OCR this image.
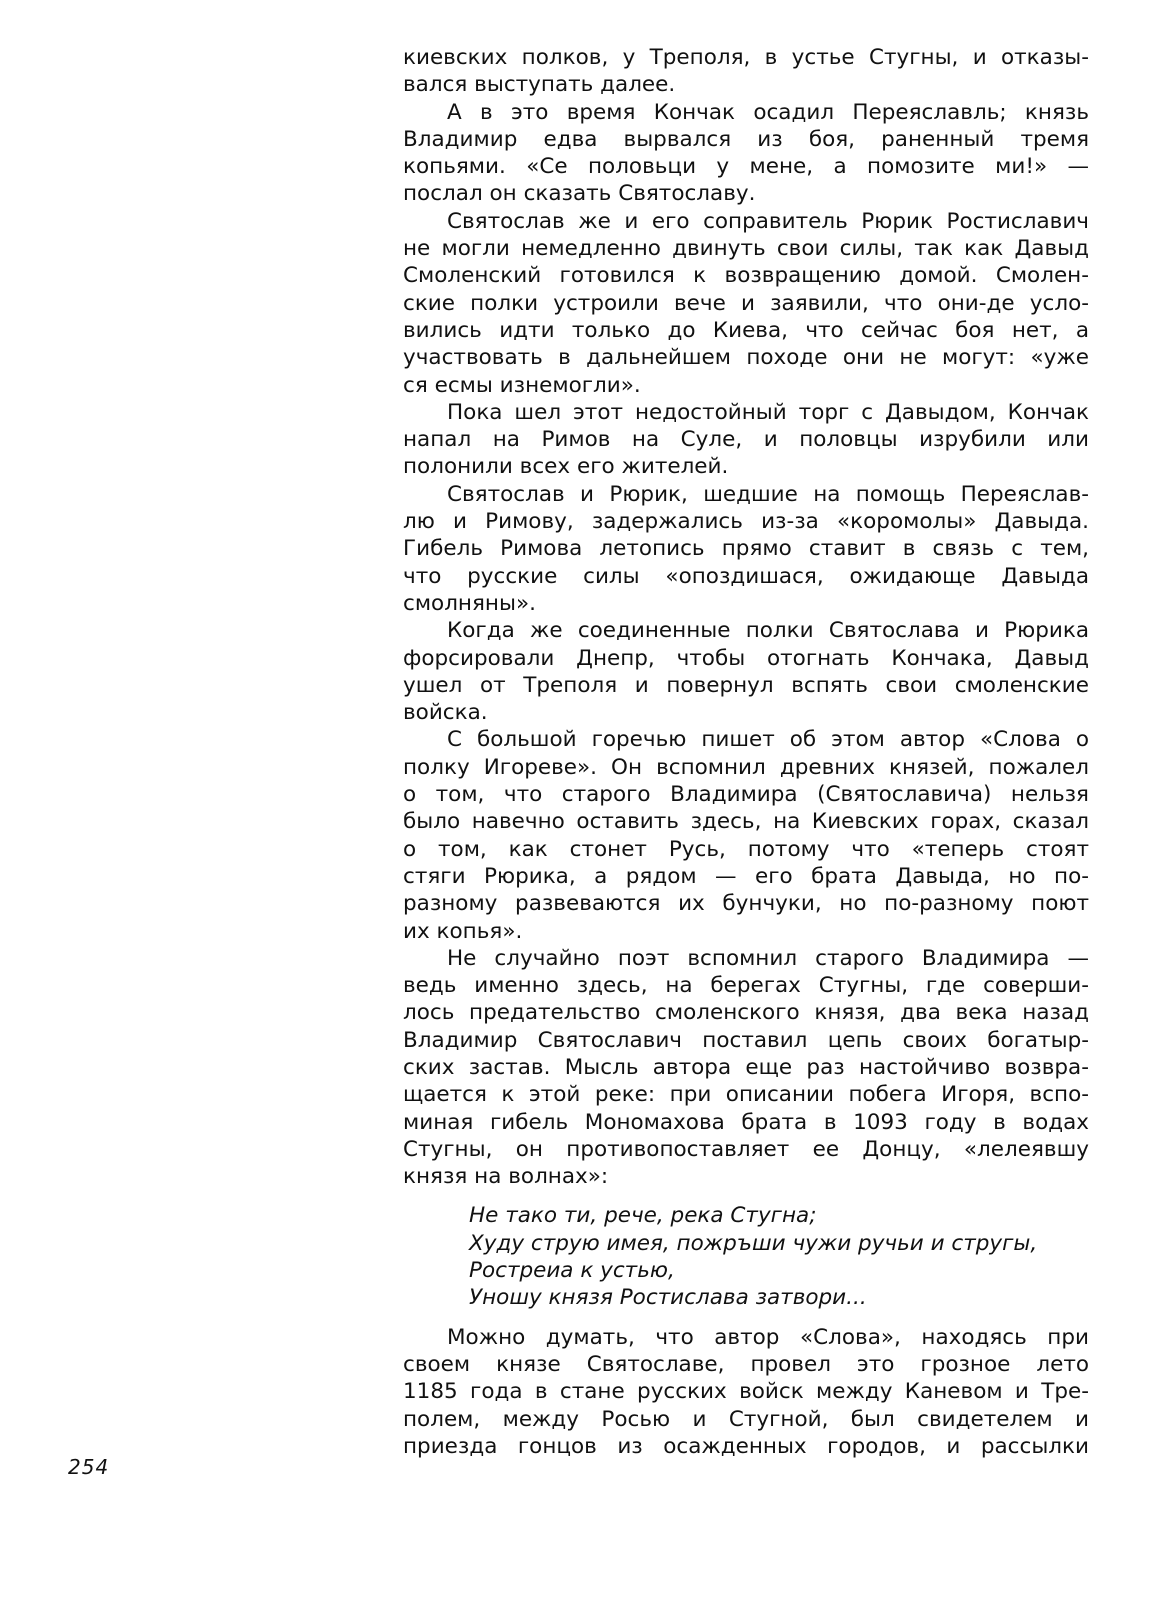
киевских полков, у Треполя, в устье Стугны, и отказы-
вался выступать далее.
А в это время Кончак осадил Переяславль; князь
Владимир едва вырвался из боя, раненный тремя
копьями. «Се половьци у мене, а помозите ми!» —
послал он сказать Святославу.
Святослав же и его соправитель Рюрик Ростиславич
не могли немедленно двинуть свои силы, так как Давыд
Смоленский готовился к возвращению домой. Смолен-
ские полки устроили вече и заявили, что они-де усло-
вились идти только до Киева, что сейчас боя нет, а
участвовать в дальнейшем походе они не могут: «уже
ся есмы изнемогли».
Пока шел этот недостойный торг с Давыдом, Кончак
напал на Римов на Суле, и половцы изрубили или
полонили всех его жителей.
Святослав и Рюрик, шедшие на помощь Переяслав-
лю и Римову, задержались из-за «коромолы» Давыда.
Гибель Римова летопись прямо ставит в связь с тем,
что русские силы «опоздишася, ожидающе Давыда
смолняны».
Когда же соединенные полки Святослава и Рюрика
форсировали Днепр, чтобы отогнать Кончака, Давыд
ушел от Треполя и повернул вспять свои смоленские
войска.
С большой горечью пишет об этом автор «Слова о
полку Игореве». Он вспомнил древних князей, пожалел
о том, что старого Владимира (Святославича) нельзя
было навечно оставить здесь, на Киевских горах, сказал
о том, как стонет Русь, потому что «теперь стоят
стяги Рюрика, а рядом — его брата Давыда, но по-
разному развеваются их бунчуки, но по-разному поют
их копья».
Не случайно поэт вспомнил старого Владимира —
ведь именно здесь, на берегах Стугны, где соверши-
лось предательство смоленского князя, два века назад
Владимир Святославич поставил цепь своих богатыр-
ских застав. Мысль автора еще раз настойчиво возвра-
щается к этой реке: при описании побега Игоря, вспо-
миная гибель Мономахова брата в 1093 году в водах
Стугны, он противопоставляет ее Донцу, «лелеявшу
князя на волнах»:
Не тако ти, рече, река Стугна;
Худу струю имея, пожръши чужи ручьи и стругы,
Ростреиа к устью,
Уношу князя Ростислава затвори...
Можно думать, что автор «Слова», находясь при
своем князе Святославе, провел это грозное лето
1185 года в стане русских войск между Каневом и Тре-
полем, между Росью и Стугной, был свидетелем и
приезда гонцов из осажденных городов, и рассылки
254
